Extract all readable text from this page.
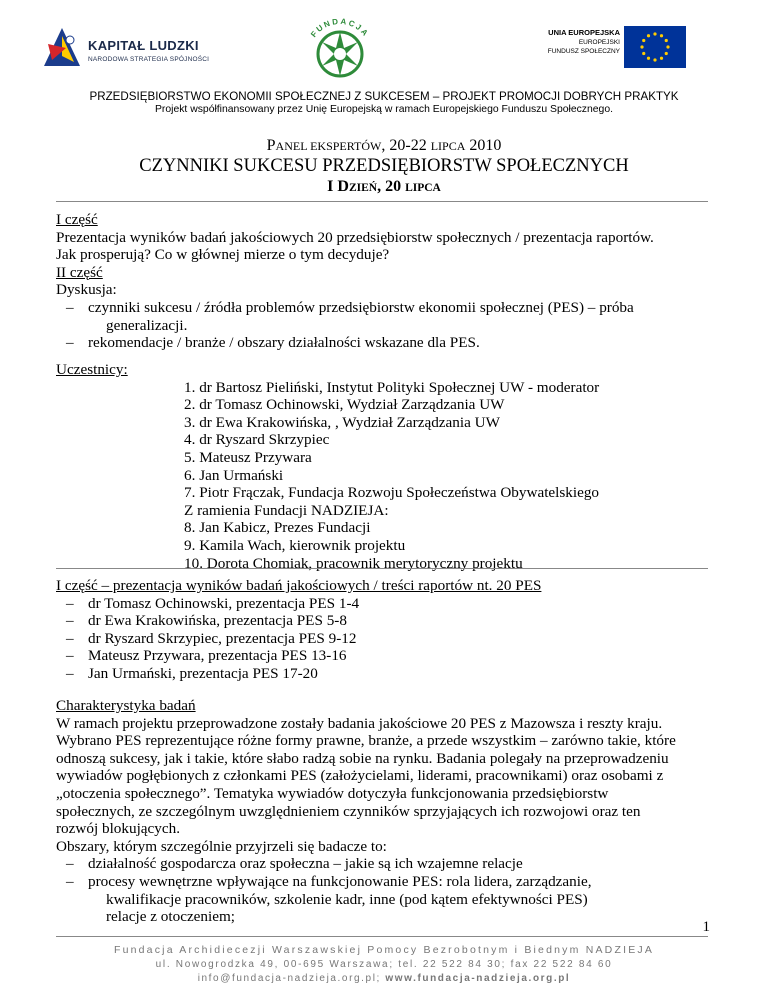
KAPITAŁ LUDZKI
NARODOWA STRATEGIA SPÓJNOŚCI
FUNDACJA	UNIA EUROPEJSKA
EUROPEJSKI
FUNDUSZ SPOŁECZNY
PRZEDSIĘBIORSTWO EKONOMII SPOŁECZNEJ Z SUKCESEM – PROJEKT PROMOCJI DOBRYCH PRAKTYK
Projekt współfinansowany przez Unię Europejską w ramach Europejskiego Funduszu Społecznego.
PANEL EKSPERTÓW, 20-22 LIPCA 2010
CZYNNIKI SUKCESU PRZEDSIĘBIORSTW SPOŁECZNYCH
I DZIEŃ, 20 LIPCA
I część
Prezentacja wyników badań jakościowych 20 przedsiębiorstw społecznych / prezentacja raportów.
Jak prosperują? Co w głównej mierze o tym decyduje?
II część
Dyskusja:
– czynniki sukcesu / źródła problemów przedsiębiorstw ekonomii społecznej (PES) – próba
generalizacji.
– rekomendacje / branże / obszary działalności wskazane dla PES.
Uczestnicy:
1. dr Bartosz Pieliński, Instytut Polityki Społecznej UW - moderator
2. dr Tomasz Ochinowski, Wydział Zarządzania UW
3. dr Ewa Krakowińska, , Wydział Zarządzania UW
4. dr Ryszard Skrzypiec
5. Mateusz Przywara
6. Jan Urmański
7. Piotr Frączak, Fundacja Rozwoju Społeczeństwa Obywatelskiego
Z ramienia Fundacji NADZIEJA:
8. Jan Kabicz, Prezes Fundacji
9. Kamila Wach, kierownik projektu
10. Dorota Chomiak, pracownik merytoryczny projektu
I część – prezentacja wyników badań jakościowych / treści raportów nt. 20 PES
– dr Tomasz Ochinowski, prezentacja PES 1-4
– dr Ewa Krakowińska, prezentacja PES 5-8
– dr Ryszard Skrzypiec, prezentacja PES 9-12
– Mateusz Przywara, prezentacja PES 13-16
– Jan Urmański, prezentacja PES 17-20
Charakterystyka badań
W ramach projektu przeprowadzone zostały badania jakościowe 20 PES z Mazowsza i reszty kraju.
Wybrano PES reprezentujące różne formy prawne, branże, a przede wszystkim – zarówno takie, które
odnoszą sukcesy, jak i takie, które słabo radzą sobie na rynku. Badania polegały na przeprowadzeniu
wywiadów pogłębionych z członkami PES (założycielami, liderami, pracownikami) oraz osobami z
„otoczenia społecznego”. Tematyka wywiadów dotyczyła funkcjonowania przedsiębiorstw
społecznych, ze szczególnym uwzględnieniem czynników sprzyjających ich rozwojowi oraz ten
rozwój blokujących.
Obszary, którym szczególnie przyjrzeli się badacze to:
– działalność gospodarcza oraz społeczna – jakie są ich wzajemne relacje
– procesy wewnętrzne wpływające na funkcjonowanie PES: rola lidera, zarządzanie,
kwalifikacje pracowników, szkolenie kadr, inne (pod kątem efektywności PES)
relacje z otoczeniem;
1
Fundacja Archidiecezji Warszawskiej Pomocy Bezrobotnym i Biednym NADZIEJA
ul. Nowogrodzka 49, 00-695 Warszawa; tel. 22 522 84 30; fax 22 522 84 60
info@fundacja-nadzieja.org.pl; www.fundacja-nadzieja.org.pl
